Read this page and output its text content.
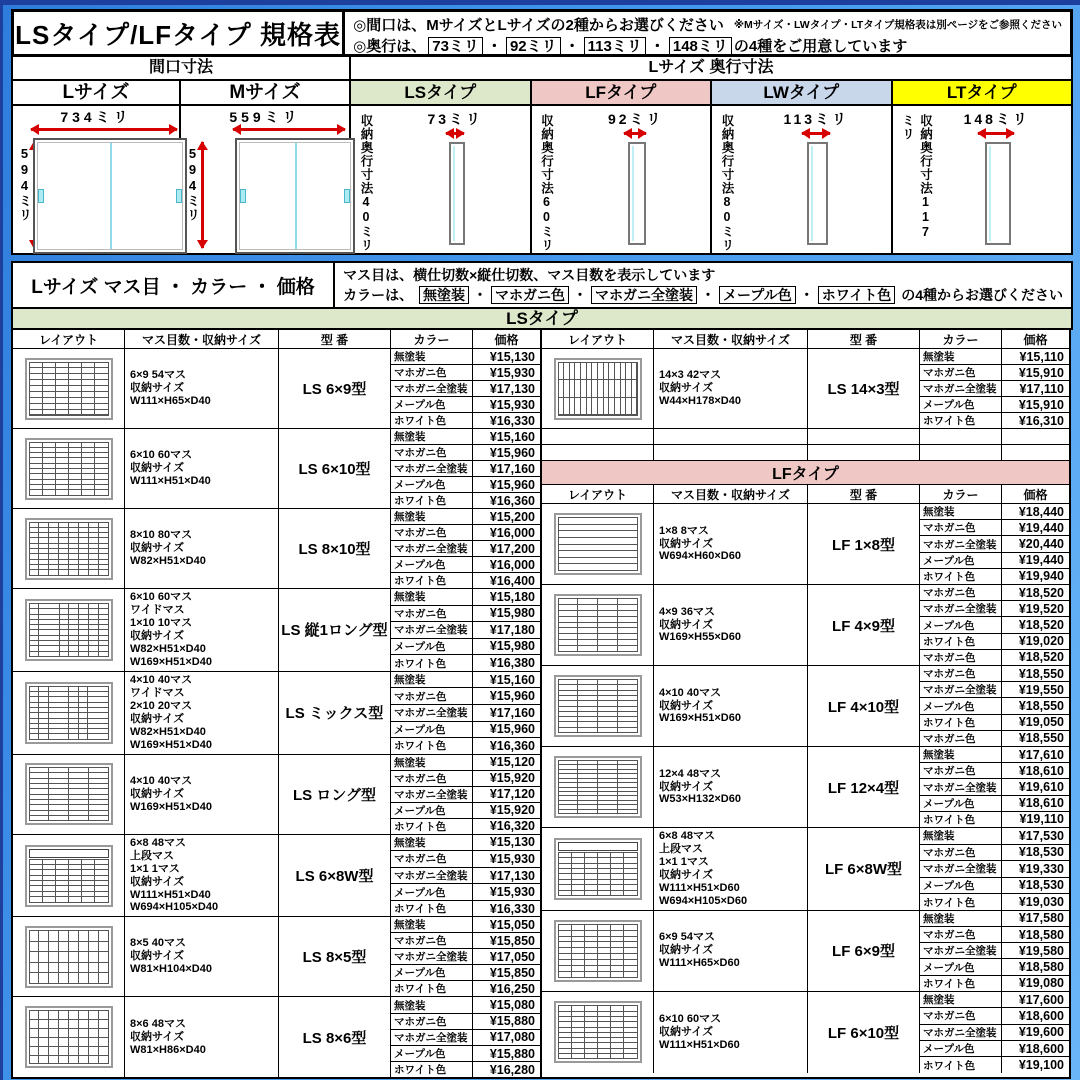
LSタイプ/LFタイプ 規格表 ◎間口は、MサイズとLサイズの2種からお選びください ※Mサイズ・LWタイプ・LTタイプ規格表は別ページをご参照ください
◎奥行は、 73ミリ ・ 92ミリ ・ 113ミリ ・ 148ミリ の4種をご用意しています
間口寸法
Lサイズ
734ミリ
594ミリ
Mサイズ
559ミリ
594ミリ
Lサイズ 奥行寸法
LSタイプ
収納奥行寸法40ミリ	73ミリ
LFタイプ
収納奥行寸法60ミリ	92ミリ
LWタイプ
収納奥行寸法80ミリ	113ミリ
LTタイプ
収納奥行寸法117ミリ	148ミリ
Lサイズ マス目 ・ カラー ・ 価格
マス目は、横仕切数×縦仕切数、マス目数を表示しています
カラーは、 無塗装 ・ マホガニ色 ・ マホガニ全塗装 ・ メープル色 ・ ホワイト色 の4種からお選びください
LSタイプ
レイアウト	マス目数・収納サイズ	型 番	カラー	価格
6×9 54マス
収納サイズ
W111×H65×D40
LS 6×9型
無塗装	¥15,130
マホガニ色	¥15,930
マホガニ全塗装	¥17,130
メープル色	¥15,930
ホワイト色	¥16,330
6×10 60マス
収納サイズ
W111×H51×D40
LS 6×10型
無塗装	¥15,160
マホガニ色	¥15,960
マホガニ全塗装	¥17,160
メープル色	¥15,960
ホワイト色	¥16,360
8×10 80マス
収納サイズ
W82×H51×D40
LS 8×10型
無塗装	¥15,200
マホガニ色	¥16,000
マホガニ全塗装	¥17,200
メープル色	¥16,000
ホワイト色	¥16,400
6×10 60マス
ワイドマス
1×10 10マス
収納サイズ
W82×H51×D40
W169×H51×D40
LS 縦1ロング型
無塗装	¥15,180
マホガニ色	¥15,980
マホガニ全塗装	¥17,180
メープル色	¥15,980
ホワイト色	¥16,380
4×10 40マス
ワイドマス
2×10 20マス
収納サイズ
W82×H51×D40
W169×H51×D40
LS ミックス型
無塗装	¥15,160
マホガニ色	¥15,960
マホガニ全塗装	¥17,160
メープル色	¥15,960
ホワイト色	¥16,360
4×10 40マス
収納サイズ
W169×H51×D40
LS ロング型
無塗装	¥15,120
マホガニ色	¥15,920
マホガニ全塗装	¥17,120
メープル色	¥15,920
ホワイト色	¥16,320
6×8 48マス
上段マス
1×1 1マス
収納サイズ
W111×H51×D40
W694×H105×D40
LS 6×8W型
無塗装	¥15,130
マホガニ色	¥15,930
マホガニ全塗装	¥17,130
メープル色	¥15,930
ホワイト色	¥16,330
8×5 40マス
収納サイズ
W81×H104×D40
LS 8×5型
無塗装	¥15,050
マホガニ色	¥15,850
マホガニ全塗装	¥17,050
メープル色	¥15,850
ホワイト色	¥16,250
8×6 48マス
収納サイズ
W81×H86×D40
LS 8×6型
無塗装	¥15,080
マホガニ色	¥15,880
マホガニ全塗装	¥17,080
メープル色	¥15,880
ホワイト色	¥16,280
レイアウト	マス目数・収納サイズ	型 番	カラー	価格
14×3 42マス
収納サイズ
W44×H178×D40
LS 14×3型
無塗装	¥15,110
マホガニ色	¥15,910
マホガニ全塗装	¥17,110
メープル色	¥15,910
ホワイト色	¥16,310
LFタイプ
レイアウト	マス目数・収納サイズ	型 番	カラー	価格
1×8 8マス
収納サイズ
W694×H60×D60
LF 1×8型
無塗装	¥18,440
マホガニ色	¥19,440
マホガニ全塗装	¥20,440
メープル色	¥19,440
ホワイト色	¥19,940
4×9 36マス
収納サイズ
W169×H55×D60
LF 4×9型
マホガニ色	¥18,520
マホガニ全塗装	¥19,520
メープル色	¥18,520
ホワイト色	¥19,020
マホガニ色	¥18,520
4×10 40マス
収納サイズ
W169×H51×D60
LF 4×10型
マホガニ色	¥18,550
マホガニ全塗装	¥19,550
メープル色	¥18,550
ホワイト色	¥19,050
マホガニ色	¥18,550
12×4 48マス
収納サイズ
W53×H132×D60
LF 12×4型
無塗装	¥17,610
マホガニ色	¥18,610
マホガニ全塗装	¥19,610
メープル色	¥18,610
ホワイト色	¥19,110
6×8 48マス
上段マス
1×1 1マス
収納サイズ
W111×H51×D60
W694×H105×D60
LF 6×8W型
無塗装	¥17,530
マホガニ色	¥18,530
マホガニ全塗装	¥19,330
メープル色	¥18,530
ホワイト色	¥19,030
6×9 54マス
収納サイズ
W111×H65×D60
LF 6×9型
無塗装	¥17,580
マホガニ色	¥18,580
マホガニ全塗装	¥19,580
メープル色	¥18,580
ホワイト色	¥19,080
6×10 60マス
収納サイズ
W111×H51×D60
LF 6×10型
無塗装	¥17,600
マホガニ色	¥18,600
マホガニ全塗装	¥19,600
メープル色	¥18,600
ホワイト色	¥19,100
